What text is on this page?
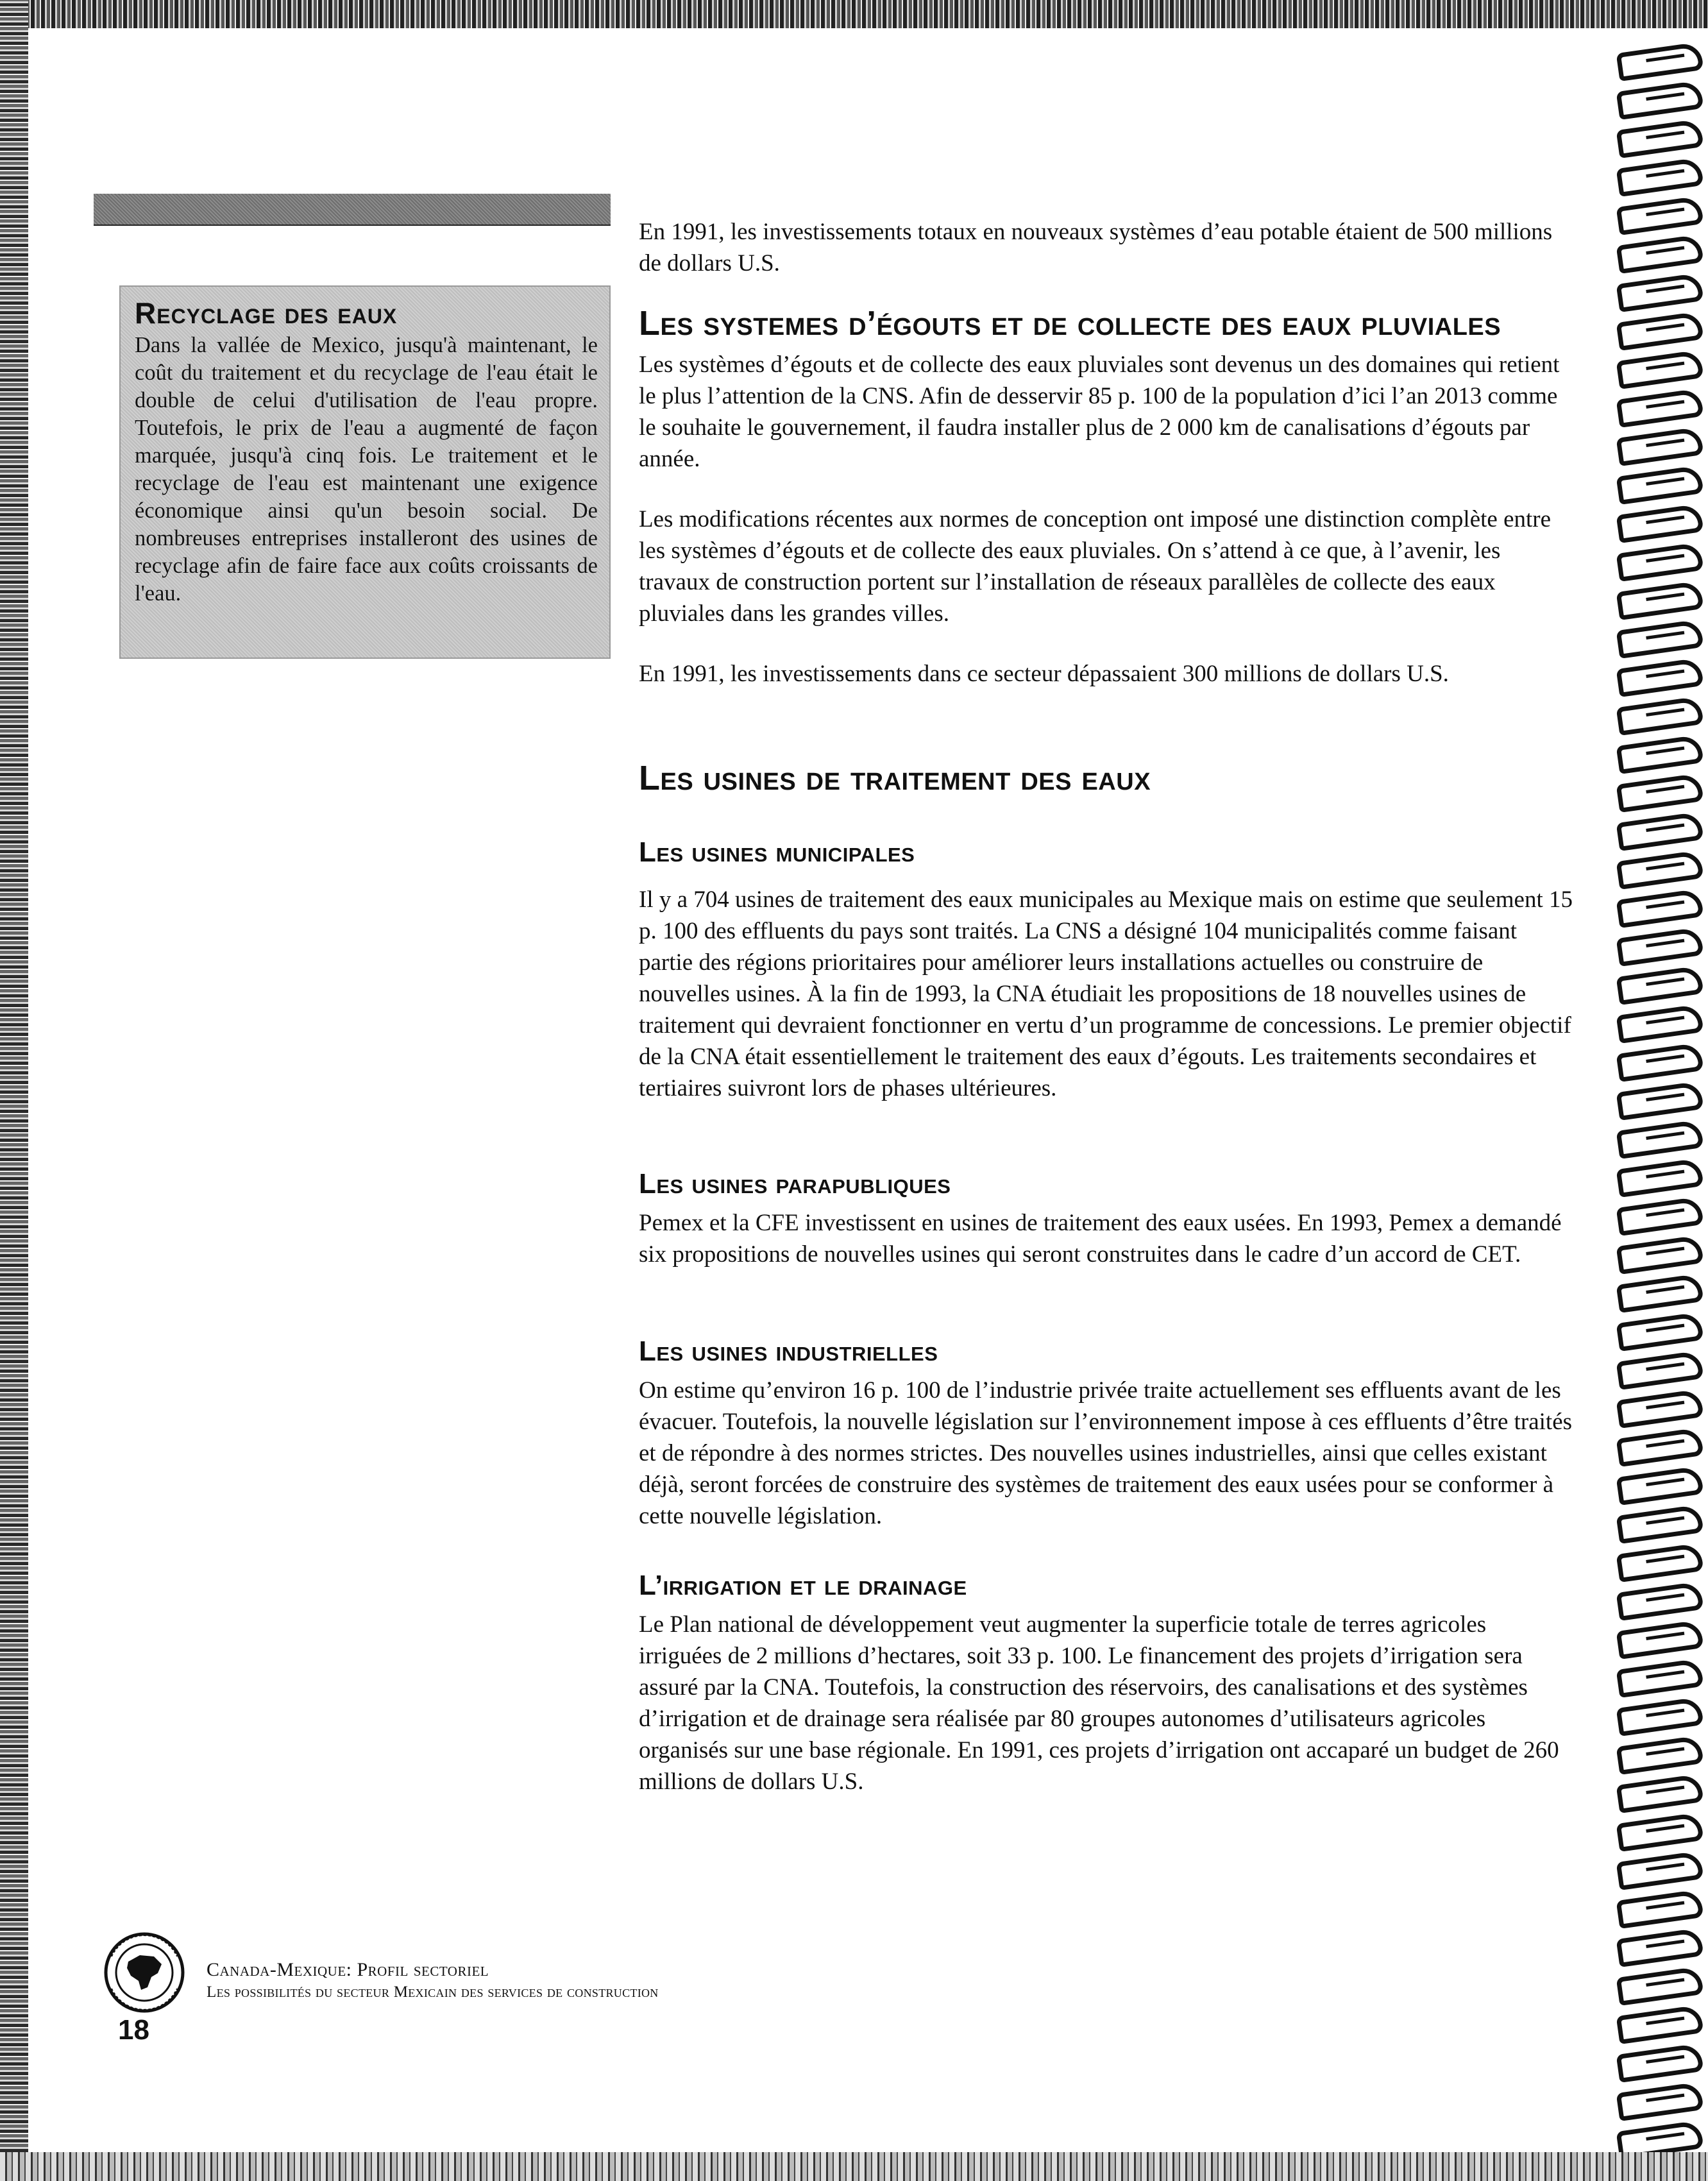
Recyclage des eaux

Dans la vallée de Mexico, jusqu'à maintenant, le coût du traitement et du recyclage de l'eau était le double de celui d'utilisation de l'eau propre. Toutefois, le prix de l'eau a augmenté de façon marquée, jusqu'à cinq fois. Le traitement et le recyclage de l'eau est maintenant une exigence économique ainsi qu'un besoin social. De nombreuses entreprises installeront des usines de recyclage afin de faire face aux coûts croissants de l'eau.

En 1991, les investissements totaux en nouveaux systèmes d’eau potable étaient de 500 millions de dollars U.S.

Les systemes d’égouts et de collecte des eaux pluviales

Les systèmes d’égouts et de collecte des eaux pluviales sont devenus un des domaines qui retient le plus l’attention de la CNS. Afin de desservir 85 p. 100 de la population d’ici l’an 2013 comme le souhaite le gouvernement, il faudra installer plus de 2 000 km de canalisations d’égouts par année.

Les modifications récentes aux normes de conception ont imposé une distinction complète entre les systèmes d’égouts et de collecte des eaux pluviales. On s’attend à ce que, à l’avenir, les travaux de construction portent sur l’installation de réseaux parallèles de collecte des eaux pluviales dans les grandes villes.

En 1991, les investissements dans ce secteur dépassaient 300 millions de dollars U.S.

Les usines de traitement des eaux

Les usines municipales

Il y a 704 usines de traitement des eaux municipales au Mexique mais on estime que seulement 15 p. 100 des effluents du pays sont traités. La CNS a désigné 104 municipalités comme faisant partie des régions prioritaires pour améliorer leurs installations actuelles ou construire de nouvelles usines. À la fin de 1993, la CNA étudiait les propositions de 18 nouvelles usines de traitement qui devraient fonctionner en vertu d’un programme de concessions. Le premier objectif de la CNA était essentiellement le traitement des eaux d’égouts. Les traitements secondaires et tertiaires suivront lors de phases ultérieures.

Les usines parapubliques

Pemex et la CFE investissent en usines de traitement des eaux usées. En 1993, Pemex a demandé six propositions de nouvelles usines qui seront construites dans le cadre d’un accord de CET.

Les usines industrielles

On estime qu’environ 16 p. 100 de l’industrie privée traite actuellement ses effluents avant de les évacuer. Toutefois, la nouvelle législation sur l’environnement impose à ces effluents d’être traités et de répondre à des normes strictes. Des nouvelles usines industrielles, ainsi que celles existant déjà, seront forcées de construire des systèmes de traitement des eaux usées pour se conformer à cette nouvelle législation.

L’irrigation et le drainage

Le Plan national de développement veut augmenter la superficie totale de terres agricoles irriguées de 2 millions d’hectares, soit 33 p. 100. Le financement des projets d’irrigation sera assuré par la CNA. Toutefois, la construction des réservoirs, des canalisations et des systèmes d’irrigation et de drainage sera réalisée par 80 groupes autonomes d’utilisateurs agricoles organisés sur une base régionale. En 1991, ces projets d’irrigation ont accaparé un budget de 260 millions de dollars U.S.

Canada-Mexique: Profil sectoriel

Les possibilités du secteur Mexicain des services de construction

18
